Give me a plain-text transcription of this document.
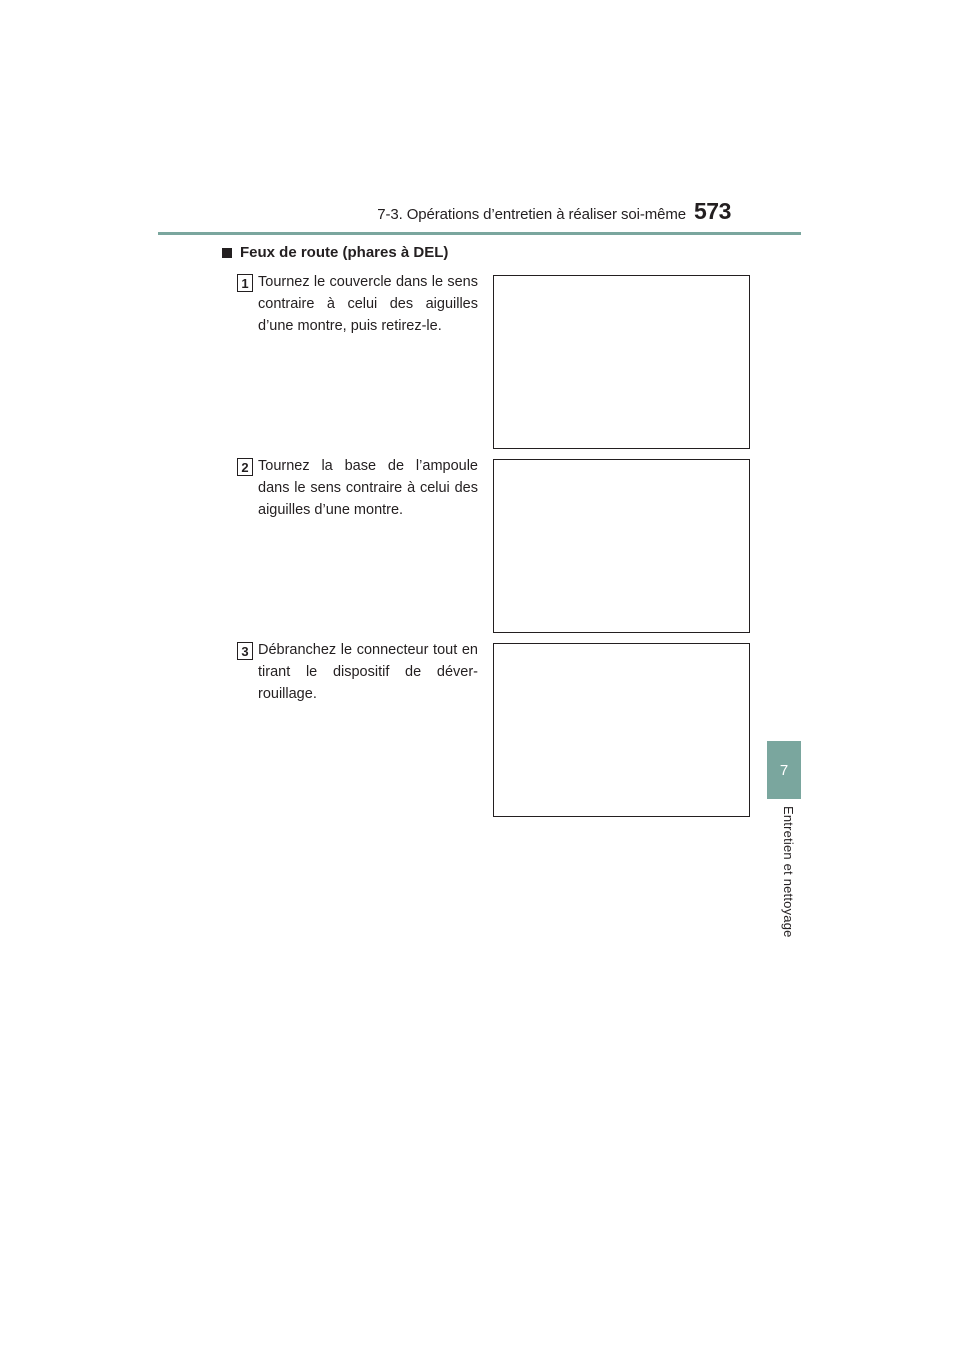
7-3. Opérations d’entretien à réaliser soi-même 573
7
Entretien et nettoyage
Feux de route (phares à DEL)
1 Tournez le couvercle dans le sens contraire à celui des aiguilles d’une montre, puis retirez-le.
2 Tournez la base de l’ampoule dans le sens contraire à celui des aiguilles d’une montre.
3 Débranchez le connecteur tout en tirant le dispositif de déver-rouillage.
